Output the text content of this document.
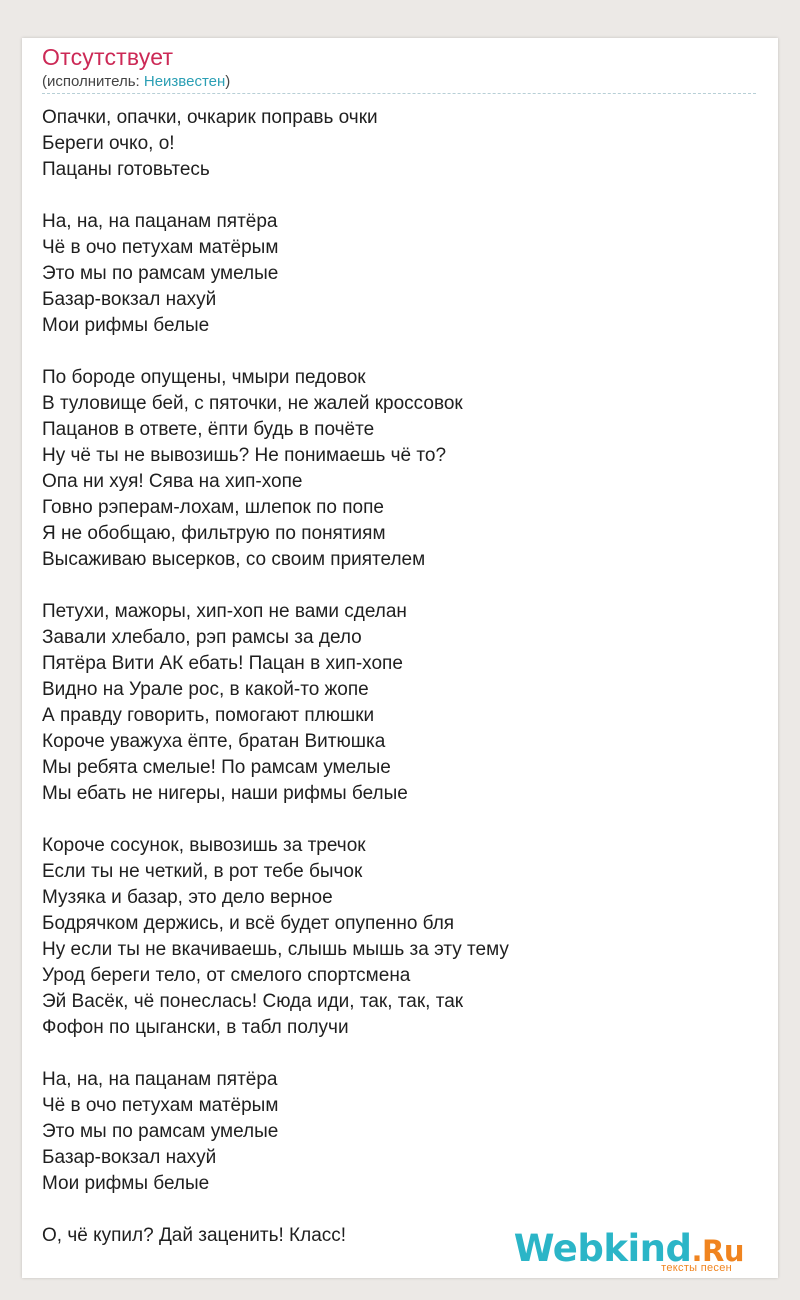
Отсутствует
(исполнитель: Неизвестен)
Опачки, опачки, очкарик поправь очки
Береги очко, о!
Пацаны готовьтесь
На, на, на пацанам пятёра
Чё в очо петухам матёрым
Это мы по рамсам умелые
Базар-вокзал нахуй
Мои рифмы белые
По бороде опущены, чмыри педовок
В туловище бей, с пяточки, не жалей кроссовок
Пацанов в ответе, ёпти будь в почёте
Ну чё ты не вывозишь? Не понимаешь чё то?
Опа ни хуя! Сява на хип-хопе
Говно рэперам-лохам, шлепок по попе
Я не обобщаю, фильтрую по понятиям
Высаживаю высерков, со своим приятелем
Петухи, мажоры, хип-хоп не вами сделан
Завали хлебало, рэп рамсы за дело
Пятёра Вити АК ебать! Пацан в хип-хопе
Видно на Урале рос, в какой-то жопе
А правду говорить, помогают плюшки
Короче уважуха ёпте, братан Витюшка
Мы ребята смелые! По рамсам умелые
Мы ебать не нигеры, наши рифмы белые
Короче сосунок, вывозишь за тречок
Если ты не четкий, в рот тебе бычок
Музяка и базар, это дело верное
Бодрячком держись, и всё будет опупенно бля
Ну если ты не вкачиваешь, слышь мышь за эту тему
Урод береги тело, от смелого спортсмена
Эй Васёк, чё понеслась! Сюда иди, так, так, так
Фофон по цыгански, в табл получи
На, на, на пацанам пятёра
Чё в очо петухам матёрым
Это мы по рамсам умелые
Базар-вокзал нахуй
Мои рифмы белые
О, чё купил? Дай заценить! Класс!	Webkind.Ru
тексты песен
